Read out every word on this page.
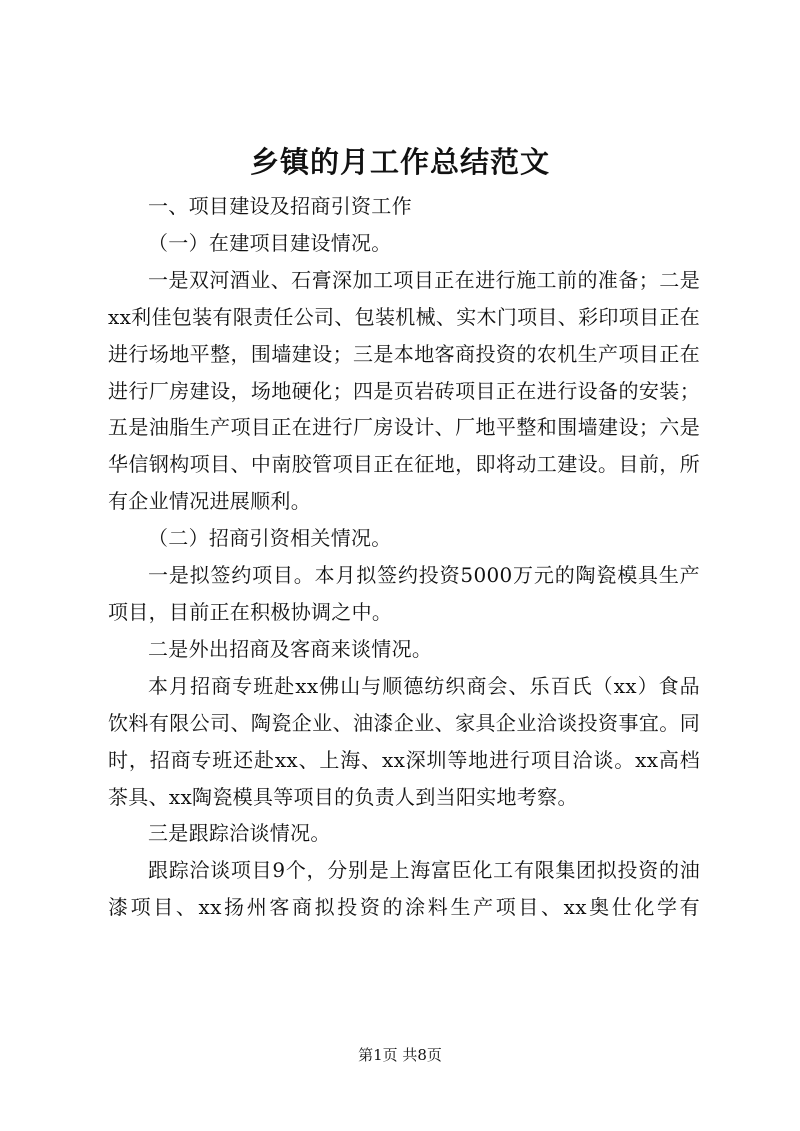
乡镇的月工作总结范文

一、项目建设及招商引资工作

（一）在建项目建设情况。

一是双河酒业、石膏深加工项目正在进行施工前的准备；二是xx利佳包装有限责任公司、包装机械、实木门项目、彩印项目正在进行场地平整，围墙建设；三是本地客商投资的农机生产项目正在进行厂房建设，场地硬化；四是页岩砖项目正在进行设备的安装；五是油脂生产项目正在进行厂房设计、厂地平整和围墙建设；六是华信钢构项目、中南胶管项目正在征地，即将动工建设。目前，所有企业情况进展顺利。

（二）招商引资相关情况。

一是拟签约项目。本月拟签约投资5000万元的陶瓷模具生产项目，目前正在积极协调之中。

二是外出招商及客商来谈情况。

本月招商专班赴xx佛山与顺德纺织商会、乐百氏（xx）食品饮料有限公司、陶瓷企业、油漆企业、家具企业洽谈投资事宜。同时，招商专班还赴xx、上海、xx深圳等地进行项目洽谈。xx高档茶具、xx陶瓷模具等项目的负责人到当阳实地考察。

三是跟踪洽谈情况。

跟踪洽谈项目9个，分别是上海富臣化工有限集团拟投资的油漆项目、xx扬州客商拟投资的涂料生产项目、xx奥仕化学有

第1页 共8页
